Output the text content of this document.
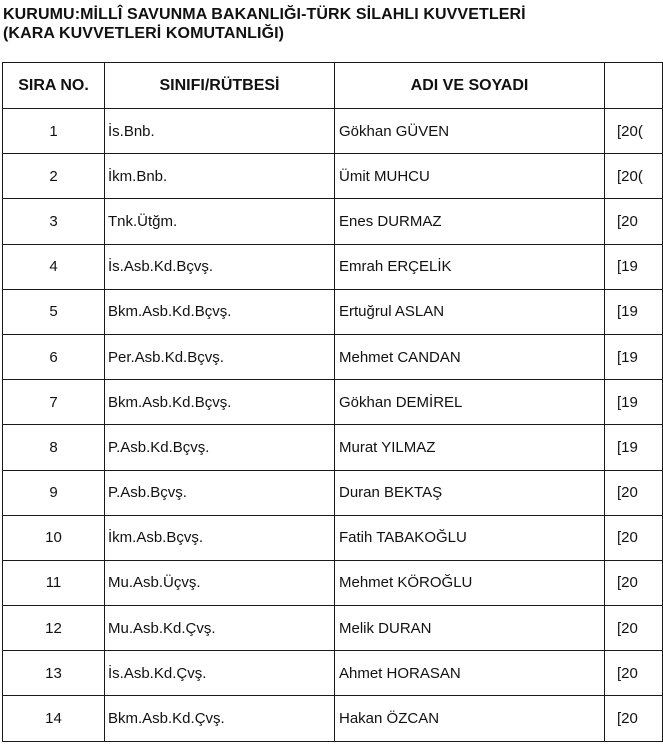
KURUMU:MİLLÎ SAVUNMA BAKANLIĞI-TÜRK SİLAHLI KUVVETLERİ
(KARA KUVVETLERİ KOMUTANLIĞI)
SIRA NO.	SINIFI/RÜTBESİ	ADI VE SOYADI	
1	İs.Bnb.	Gökhan GÜVEN	[20(
2	İkm.Bnb.	Ümit MUHCU	[20(
3	Tnk.Ütğm.	Enes DURMAZ	[20
4	İs.Asb.Kd.Bçvş.	Emrah ERÇELİK	[19
5	Bkm.Asb.Kd.Bçvş.	Ertuğrul ASLAN	[19
6	Per.Asb.Kd.Bçvş.	Mehmet CANDAN	[19
7	Bkm.Asb.Kd.Bçvş.	Gökhan DEMİREL	[19
8	P.Asb.Kd.Bçvş.	Murat YILMAZ	[19
9	P.Asb.Bçvş.	Duran BEKTAŞ	[20
10	İkm.Asb.Bçvş.	Fatih TABAKOĞLU	[20
11	Mu.Asb.Üçvş.	Mehmet KÖROĞLU	[20
12	Mu.Asb.Kd.Çvş.	Melik DURAN	[20
13	İs.Asb.Kd.Çvş.	Ahmet HORASAN	[20
14	Bkm.Asb.Kd.Çvş.	Hakan ÖZCAN	[20
